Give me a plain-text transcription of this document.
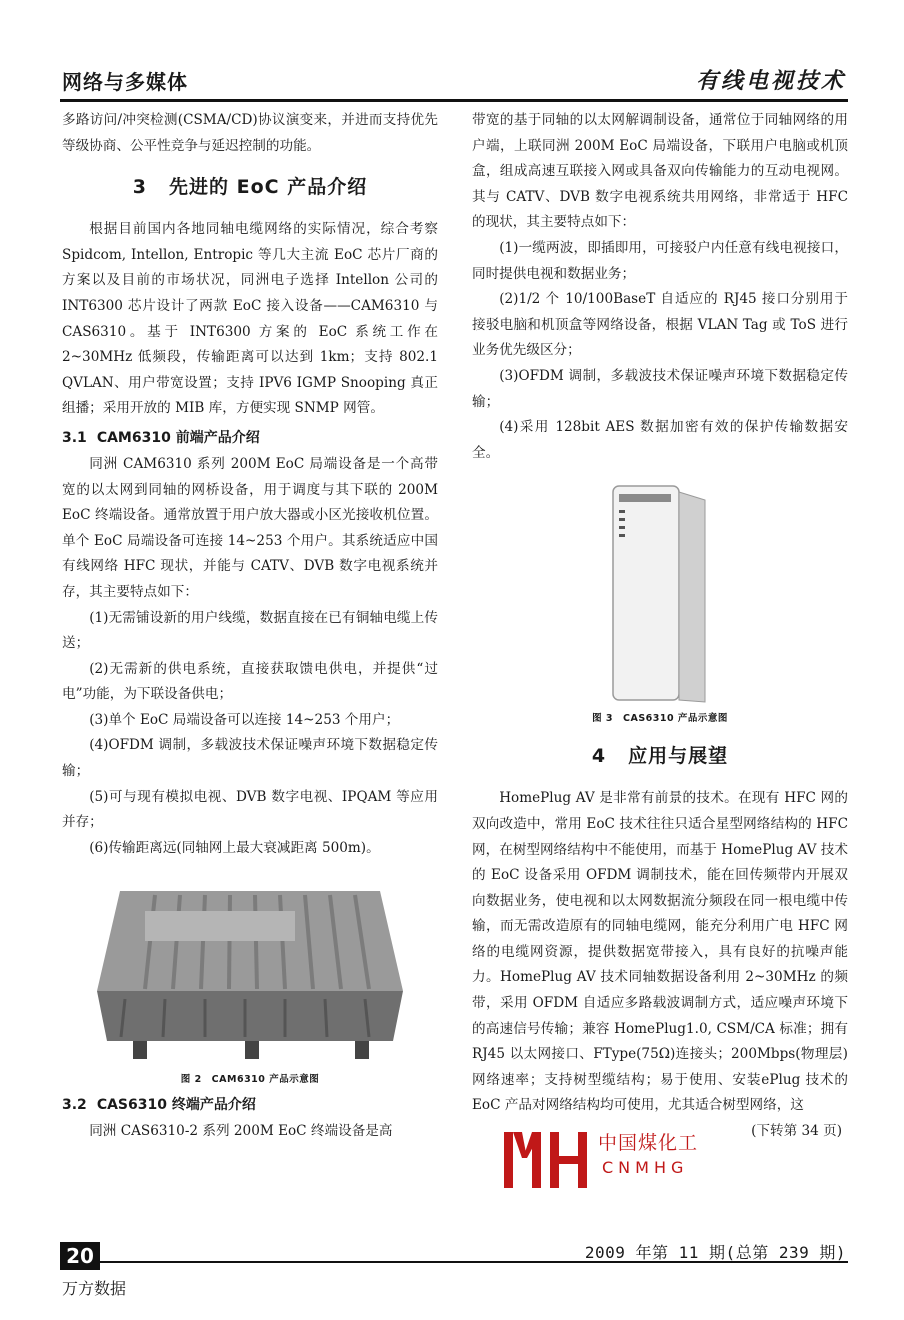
网络与多媒体	有线电视技术

多路访问/冲突检测(CSMA/CD)协议演变来，并进而支持优先等级协商、公平性竞争与延迟控制的功能。

3 先进的 EoC 产品介绍

根据目前国内各地同轴电缆网络的实际情况，综合考察 Spidcom, Intellon, Entropic 等几大主流 EoC 芯片厂商的方案以及目前的市场状况，同洲电子选择 Intellon 公司的 INT6300 芯片设计了两款 EoC 接入设备——CAM6310 与 CAS6310。基于 INT6300 方案的 EoC 系统工作在 2~30MHz 低频段，传输距离可以达到 1km；支持 802.1 QVLAN、用户带宽设置；支持 IPV6 IGMP Snooping 真正组播；采用开放的 MIB 库，方便实现 SNMP 网管。

3.1 CAM6310 前端产品介绍

同洲 CAM6310 系列 200M EoC 局端设备是一个高带宽的以太网到同轴的网桥设备，用于调度与其下联的 200M EoC 终端设备。通常放置于用户放大器或小区光接收机位置。单个 EoC 局端设备可连接 14~253 个用户。其系统适应中国有线网络 HFC 现状，并能与 CATV、DVB 数字电视系统并存，其主要特点如下：

(1)无需铺设新的用户线缆，数据直接在已有铜轴电缆上传送；

(2)无需新的供电系统，直接获取馈电供电，并提供“过电”功能，为下联设备供电；

(3)单个 EoC 局端设备可以连接 14~253 个用户；

(4)OFDM 调制，多载波技术保证噪声环境下数据稳定传输；

(5)可与现有模拟电视、DVB 数字电视、IPQAM 等应用并存；

(6)传输距离远(同轴网上最大衰减距离 500m)。

图 2　CAM6310 产品示意图
3.2 CAS6310 终端产品介绍

同洲 CAS6310-2 系列 200M EoC 终端设备是高

带宽的基于同轴的以太网解调制设备，通常位于同轴网络的用户端，上联同洲 200M EoC 局端设备，下联用户电脑或机顶盒，组成高速互联接入网或具备双向传输能力的互动电视网。其与 CATV、DVB 数字电视系统共用网络，非常适于 HFC 的现状，其主要特点如下：

(1)一缆两波，即插即用，可接驳户内任意有线电视接口，同时提供电视和数据业务；

(2)1/2 个 10/100BaseT 自适应的 RJ45 接口分别用于接驳电脑和机顶盒等网络设备，根据 VLAN Tag 或 ToS 进行业务优先级区分；

(3)OFDM 调制，多载波技术保证噪声环境下数据稳定传输；

(4)采用 128bit AES 数据加密有效的保护传输数据安全。

图 3　CAS6310 产品示意图
4 应用与展望

HomePlug AV 是非常有前景的技术。在现有 HFC 网的双向改造中，常用 EoC 技术往往只适合星型网络结构的 HFC 网，在树型网络结构中不能使用，而基于 HomePlug AV 技术的 EoC 设备采用 OFDM 调制技术，能在回传频带内开展双向数据业务，使电视和以太网数据流分频段在同一根电缆中传输，而无需改造原有的同轴电缆网，能充分利用广电 HFC 网络的电缆网资源，提供数据宽带接入，具有良好的抗噪声能力。HomePlug AV 技术同轴数据设备利用 2~30MHz 的频带，采用 OFDM 自适应多路载波调制方式，适应噪声环境下的高速信号传输；兼容 HomePlug1.0, CSM/CA 标准；拥有 RJ45 以太网接口、FType(75Ω)连接头；200Mbps(物理层)网络速率；支持树型缆结构；易于使用、安装ePlug 技术的 EoC 产品对网络结构均可使用，尤其适合树型网络，这

(下转第 34 页)

中国煤化工
CNMHG
20	2009 年第 11 期(总第 239 期)
万方数据
